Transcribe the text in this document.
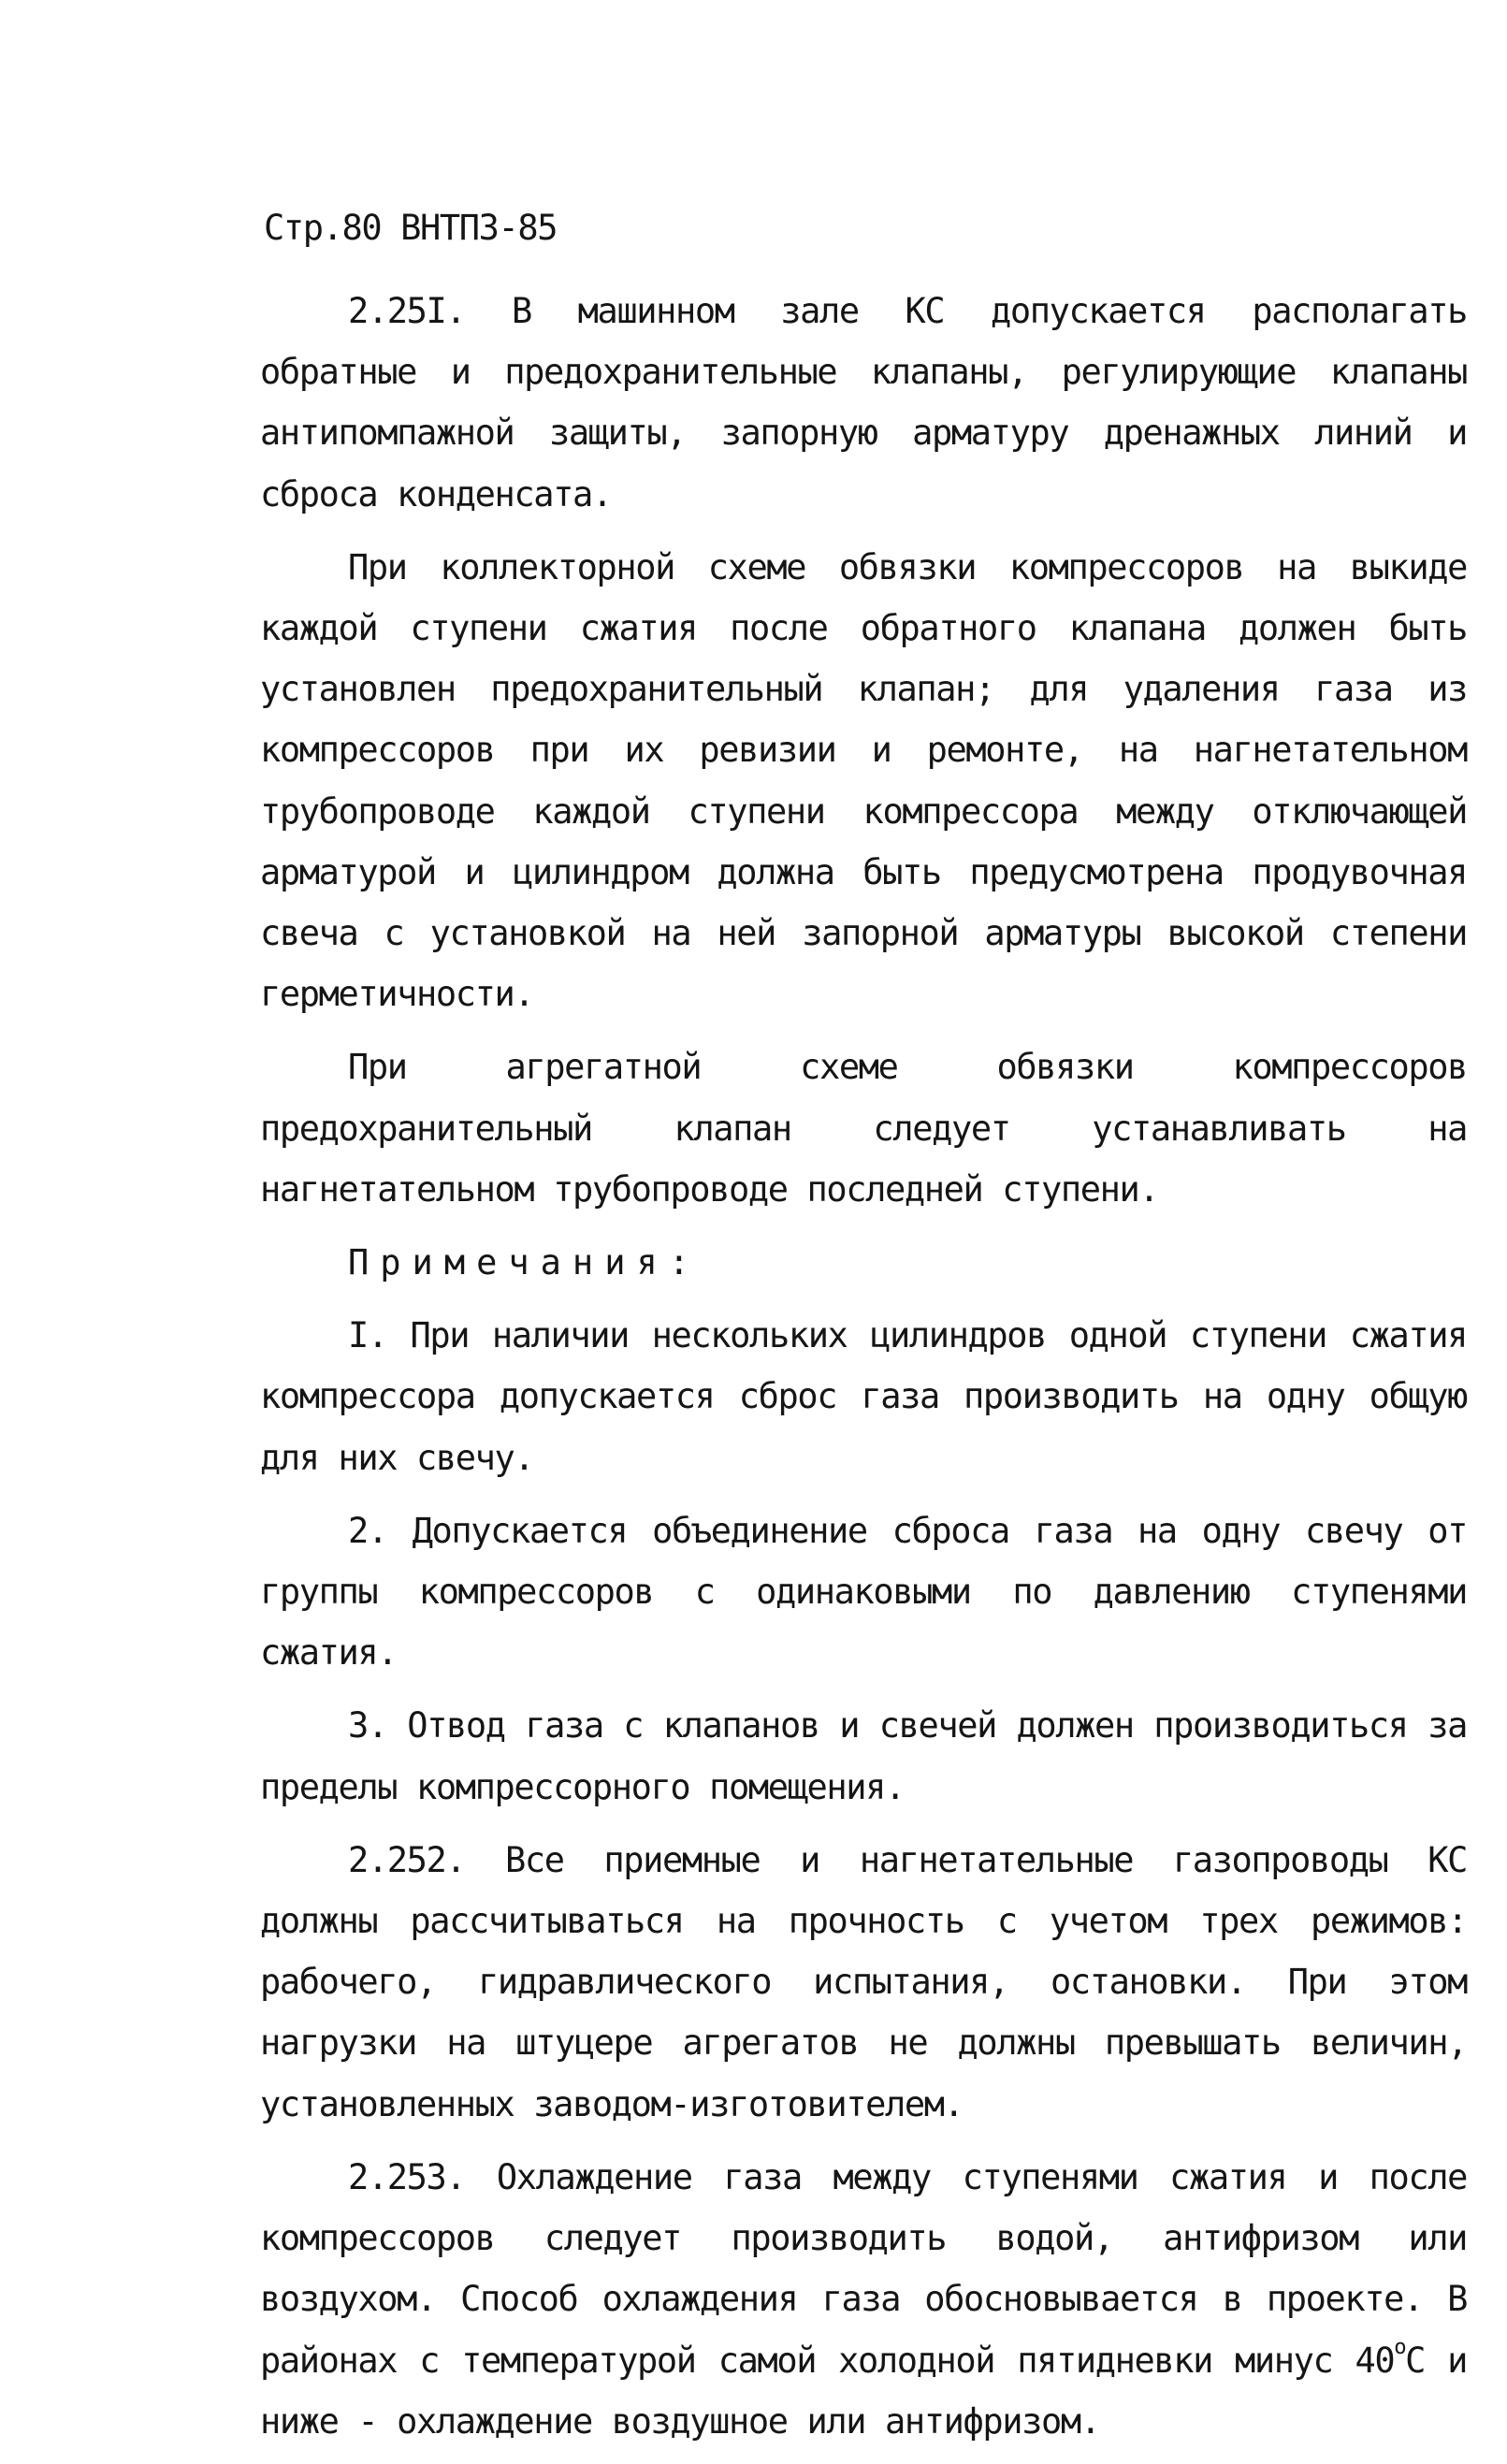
Стр.80 ВНТПЗ-85

2.25I. В машинном зале КС допускается располагать обратные и предохранительные клапаны, регулирующие клапаны антипомпажной защиты, запорную арматуру дренажных линий и сброса конденсата.

При коллекторной схеме обвязки компрессоров на выкиде каждой ступени сжатия после обратного клапана должен быть установлен предохранительный клапан; для удаления газа из компрессоров при их ревизии и ремонте, на нагнетательном трубопроводе каждой ступени компрессора между отключающей арматурой и цилиндром должна быть предусмотрена продувочная свеча с установкой на ней запорной арматуры высокой степени герметичности.

При агрегатной схеме обвязки компрессоров предохранительный клапан следует устанавливать на нагнетательном трубопроводе последней ступени.

Примечания:

I. При наличии нескольких цилиндров одной ступени сжатия компрессора допускается сброс газа производить на одну общую для них свечу.

2. Допускается объединение сброса газа на одну свечу от группы компрессоров с одинаковыми по давлению ступенями сжатия.

3. Отвод газа с клапанов и свечей должен производиться за пределы компрессорного помещения.

2.252. Все приемные и нагнетательные газопроводы КС должны рассчитываться на прочность с учетом трех режимов: рабочего, гидравлического испытания, остановки. При этом нагрузки на штуцере агрегатов не должны превышать величин, установленных заводом-изготовителем.

2.253. Охлаждение газа между ступенями сжатия и после компрессоров следует производить водой, антифризом или воздухом. Способ охлаждения газа обосновывается в проекте. В районах с температурой самой холодной пятидневки минус $40^оС$ и ниже - охлаждение воздушное или антифризом.
